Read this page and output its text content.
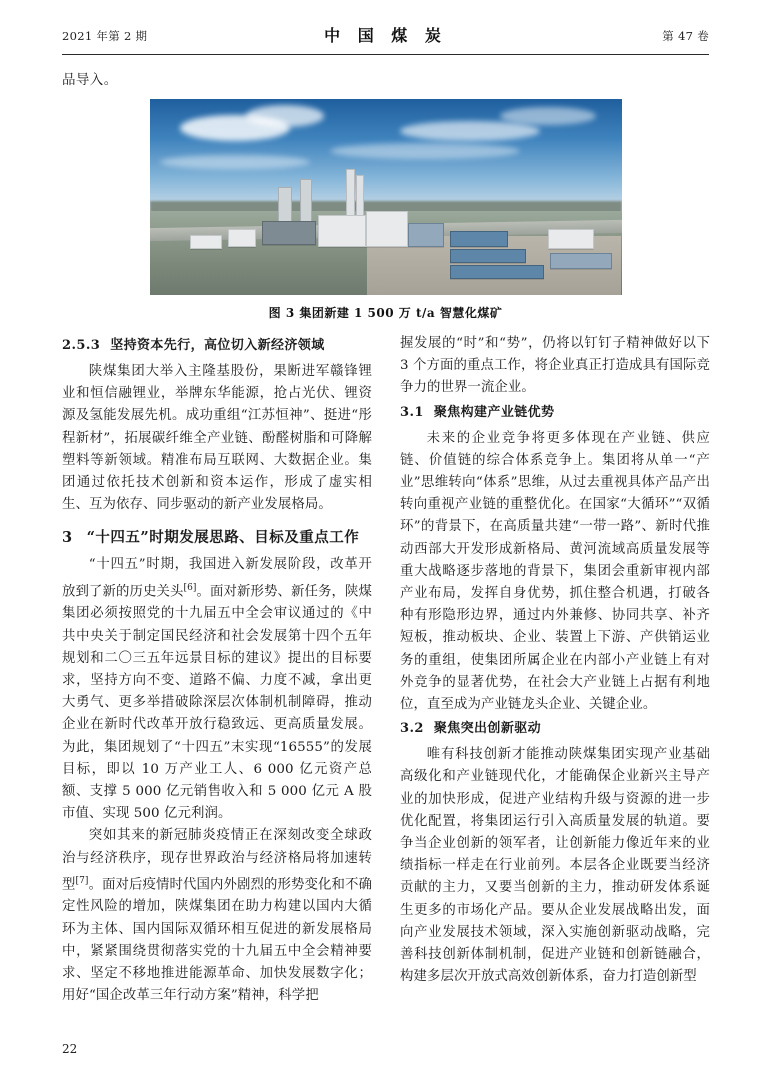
2021 年第 2 期	中 国 煤 炭	第 47 卷
品导入。
图 3 集团新建 1 500 万 t/a 智慧化煤矿
2.5.3 坚持资本先行，高位切入新经济领域

陕煤集团大举入主隆基股份，果断进军赣锋锂业和恒信融锂业，举牌东华能源，抢占光伏、锂资源及氢能发展先机。成功重组“江苏恒神”、挺进“彤程新材”，拓展碳纤维全产业链、酚醛树脂和可降解塑料等新领域。精准布局互联网、大数据企业。集团通过依托技术创新和资本运作，形成了虚实相生、互为依存、同步驱动的新产业发展格局。

3 “十四五”时期发展思路、目标及重点工作

“十四五”时期，我国进入新发展阶段，改革开放到了新的历史关头[6]。面对新形势、新任务，陕煤集团必须按照党的十九届五中全会审议通过的《中共中央关于制定国民经济和社会发展第十四个五年规划和二〇三五年远景目标的建议》提出的目标要求，坚持方向不变、道路不偏、力度不减，拿出更大勇气、更多举措破除深层次体制机制障碍，推动企业在新时代改革开放行稳致远、更高质量发展。为此，集团规划了“十四五”末实现“16555”的发展目标，即以 10 万产业工人、6 000 亿元资产总额、支撑 5 000 亿元销售收入和 5 000 亿元 A 股市值、实现 500 亿元利润。

突如其来的新冠肺炎疫情正在深刻改变全球政治与经济秩序，现存世界政治与经济格局将加速转型[7]。面对后疫情时代国内外剧烈的形势变化和不确定性风险的增加，陕煤集团在助力构建以国内大循环为主体、国内国际双循环相互促进的新发展格局中，紧紧围绕贯彻落实党的十九届五中全会精神要求、坚定不移地推进能源革命、加快发展数字化；用好“国企改革三年行动方案”精神，科学把

握发展的“时”和“势”，仍将以钉钉子精神做好以下 3 个方面的重点工作，将企业真正打造成具有国际竞争力的世界一流企业。

3.1 聚焦构建产业链优势

未来的企业竞争将更多体现在产业链、供应链、价值链的综合体系竞争上。集团将从单一“产业”思维转向“体系”思维，从过去重视具体产品产出转向重视产业链的重整优化。在国家“大循环”“双循环”的背景下，在高质量共建“一带一路”、新时代推动西部大开发形成新格局、黄河流域高质量发展等重大战略逐步落地的背景下，集团会重新审视内部产业布局，发挥自身优势，抓住整合机遇，打破各种有形隐形边界，通过内外兼修、协同共享、补齐短板，推动板块、企业、装置上下游、产供销运业务的重组，使集团所属企业在内部小产业链上有对外竞争的显著优势，在社会大产业链上占据有利地位，直至成为产业链龙头企业、关键企业。

3.2 聚焦突出创新驱动

唯有科技创新才能推动陕煤集团实现产业基础高级化和产业链现代化，才能确保企业新兴主导产业的加快形成，促进产业结构升级与资源的进一步优化配置，将集团运行引入高质量发展的轨道。要争当企业创新的领军者，让创新能力像近年来的业绩指标一样走在行业前列。本层各企业既要当经济贡献的主力，又要当创新的主力，推动研发体系诞生更多的市场化产品。要从企业发展战略出发，面向产业发展技术领域，深入实施创新驱动战略，完善科技创新体制机制，促进产业链和创新链融合，构建多层次开放式高效创新体系，奋力打造创新型

22
